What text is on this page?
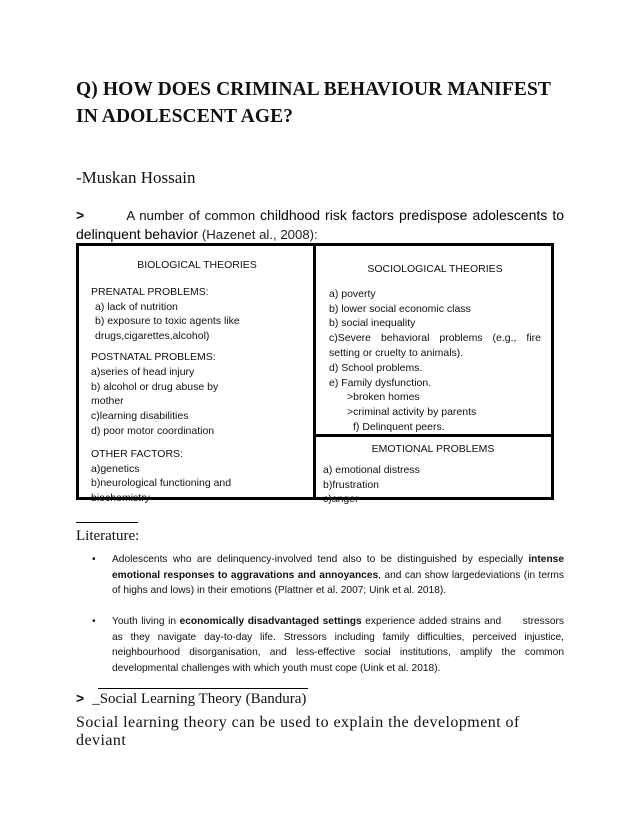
Q) HOW DOES CRIMINAL BEHAVIOUR MANIFEST IN ADOLESCENT AGE?
-Muskan Hossain
>	A number of common childhood risk factors predispose adolescents to delinquent behavior (Hazenet al., 2008):
BIOLOGICAL THEORIES
PRENATAL PROBLEMS:
a) lack of nutrition
b) exposure to toxic agents like drugs,cigarettes,alcohol)
POSTNATAL PROBLEMS:
a)series of head injury
b) alcohol or drug abuse by mother
c)learning disabilities
d) poor motor coordination
OTHER FACTORS:
a)genetics
b)neurological functioning and biochemistry
SOCIOLOGICAL THEORIES
a) poverty
b) lower social economic class
b) social inequality
c)Severe behavioral problems (e.g., fire setting or cruelty to animals).
d) School problems.
e) Family dysfunction.
>broken homes
>criminal activity by parents
f) Delinquent peers.
EMOTIONAL PROBLEMS
a) emotional distress
b)frustration
c)anger
Literature:
• Adolescents who are delinquency-involved tend also to be distinguished by especially intense emotional responses to aggravations and annoyances, and can show largedeviations (in terms of highs and lows) in their emotions (Plattner et al. 2007; Uink et al. 2018).
• Youth living in economically disadvantaged settings experience added strains and      stressors as they navigate day-to-day life. Stressors including family difficulties, perceived injustice, neighbourhood disorganisation, and less-effective social institutions, amplify the common developmental challenges with which youth must cope (Uink et al. 2018).
> _Social Learning Theory (Bandura)
Social learning theory can be used to explain the development of deviant
